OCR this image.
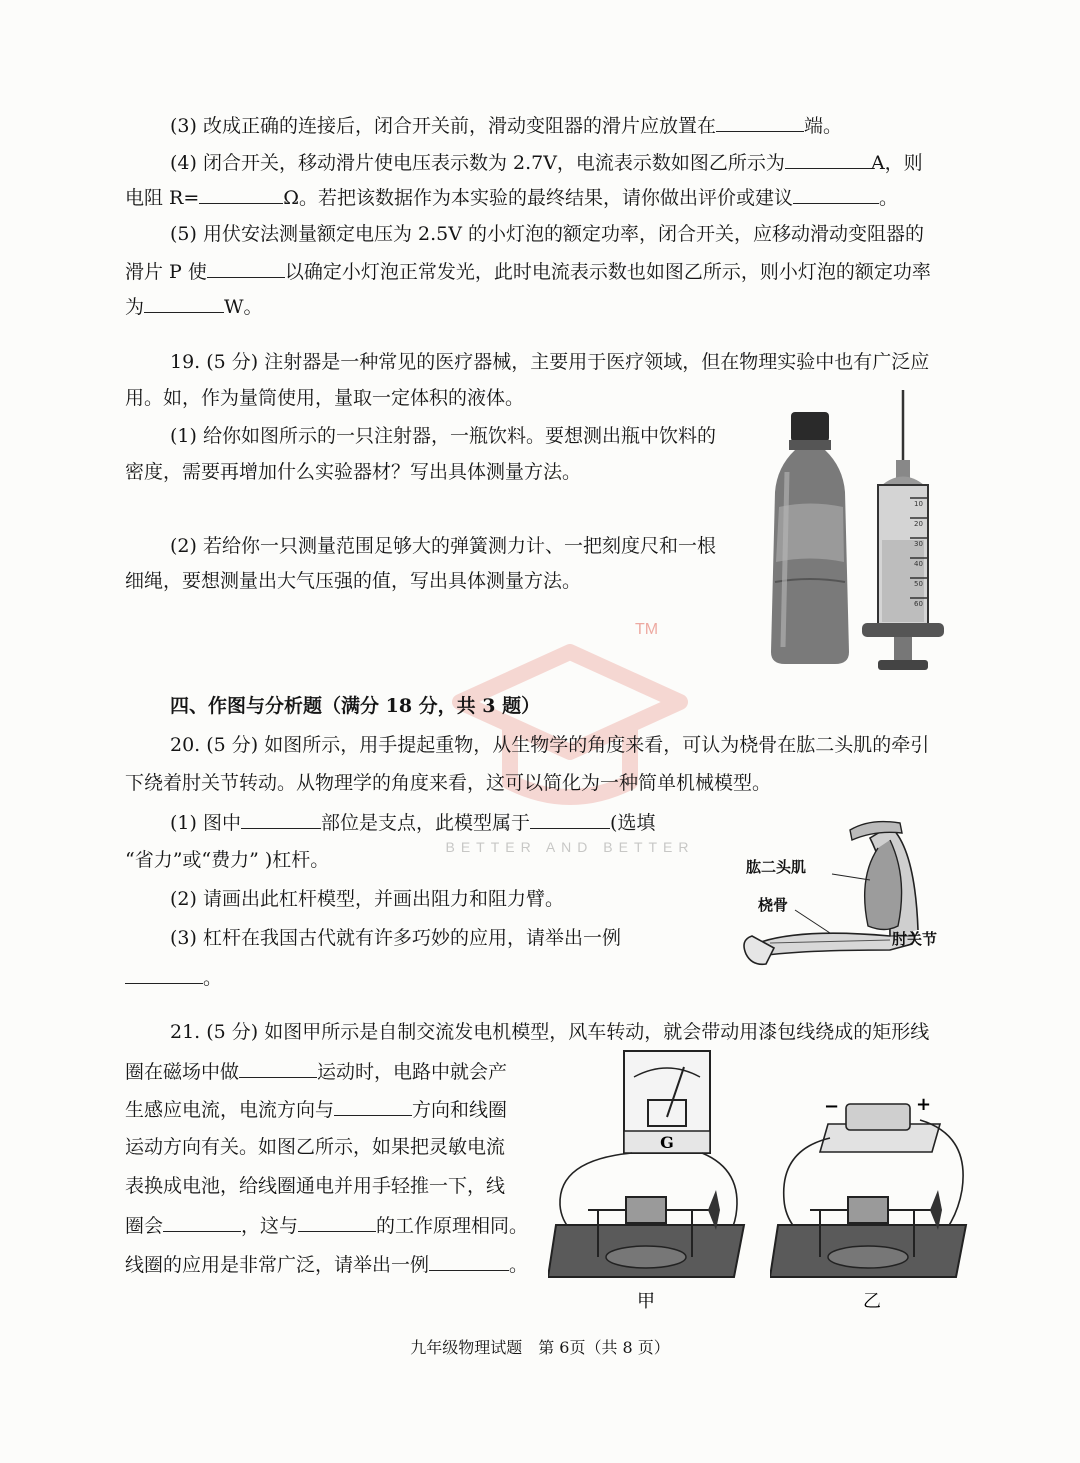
TM
BETTER AND BETTER
(3) 改成正确的连接后，闭合开关前，滑动变阻器的滑片应放置在	端。
(4) 闭合开关，移动滑片使电压表示数为 2.7V，电流表示数如图乙所示为	A，则
电阻 R=	Ω。若把该数据作为本实验的最终结果，请你做出评价或建议	。
(5) 用伏安法测量额定电压为 2.5V 的小灯泡的额定功率，闭合开关，应移动滑动变阻器的
滑片 P 使	以确定小灯泡正常发光，此时电流表示数也如图乙所示，则小灯泡的额定功率
为	W。
19. (5 分) 注射器是一种常见的医疗器械，主要用于医疗领域，但在物理实验中也有广泛应
用。如，作为量筒使用，量取一定体积的液体。
(1) 给你如图所示的一只注射器，一瓶饮料。要想测出瓶中饮料的
密度，需要再增加什么实验器材？写出具体测量方法。
(2) 若给你一只测量范围足够大的弹簧测力计、一把刻度尺和一根
细绳，要想测量出大气压强的值，写出具体测量方法。
10
20
30
40
50
60
四、作图与分析题（满分 18 分，共 3 题）
20. (5 分) 如图所示，用手提起重物，从生物学的角度来看，可认为桡骨在肱二头肌的牵引
下绕着肘关节转动。从物理学的角度来看，这可以简化为一种简单机械模型。
(1) 图中	部位是支点，此模型属于	(选填
“省力”或“费力” )杠杆。
(2) 请画出此杠杆模型，并画出阻力和阻力臂。
(3) 杠杆在我国古代就有许多巧妙的应用，请举出一例
。
肱二头肌
桡骨
肘关节
21. (5 分) 如图甲所示是自制交流发电机模型，风车转动，就会带动用漆包线绕成的矩形线
圈在磁场中做	运动时，电路中就会产
生感应电流，电流方向与	方向和线圈
运动方向有关。如图乙所示，如果把灵敏电流
表换成电池，给线圈通电并用手轻推一下，线
圈会	，这与	的工作原理相同。
线圈的应用是非常广泛，请举出一例	。
G
甲
−	+
乙
九年级物理试题　第 6页（共 8 页）
